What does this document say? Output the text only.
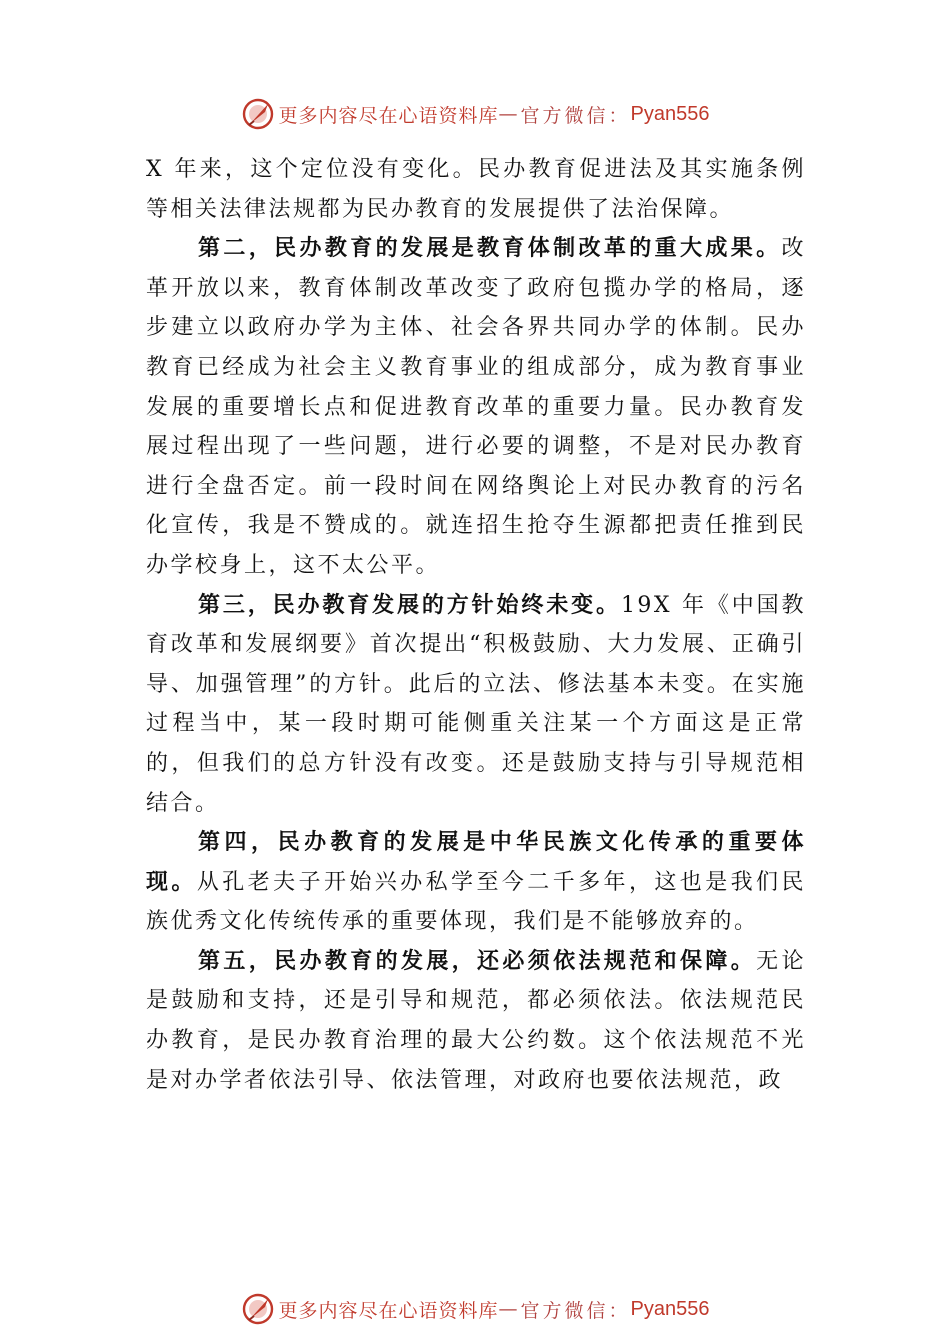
更多内容尽在心语资料库 — 官方微信： Pyan556

X 年来，这个定位没有变化。民办教育促进法及其实施条例等相关法律法规都为民办教育的发展提供了法治保障。

第二，民办教育的发展是教育体制改革的重大成果。改革开放以来，教育体制改革改变了政府包揽办学的格局，逐步建立以政府办学为主体、社会各界共同办学的体制。民办教育已经成为社会主义教育事业的组成部分，成为教育事业发展的重要增长点和促进教育改革的重要力量。民办教育发展过程出现了一些问题，进行必要的调整，不是对民办教育进行全盘否定。前一段时间在网络舆论上对民办教育的污名化宣传，我是不赞成的。就连招生抢夺生源都把责任推到民 办学校身上，这不太公平。

第三，民办教育发展的方针始终未变。19X 年《中国教育改革和发展纲要》首次提出“积极鼓励、大力发展、正确引导、加强管理”的方针。此后的立法、修法基本未变。在实施过程当中，某一段时期可能侧重关注某一个方面这是正常的，但我们的总方针没有改变。还是鼓励支持与引导规范相结合。

第四，民办教育的发展是中华民族文化传承的重要体现。从孔老夫子开始兴办私学至今二千多年，这也是我们民族优秀文化传统传承的重要体现，我们是不能够放弃的。

第五，民办教育的发展，还必须依法规范和保障。无论是鼓励和支持，还是引导和规范，都必须依法。依法规范民办教育，是民办教育治理的最大公约数。这个依法规范不光 是对办学者依法引导、依法管理，对政府也要依法规范，政

更多内容尽在心语资料库 — 官方微信： Pyan556
